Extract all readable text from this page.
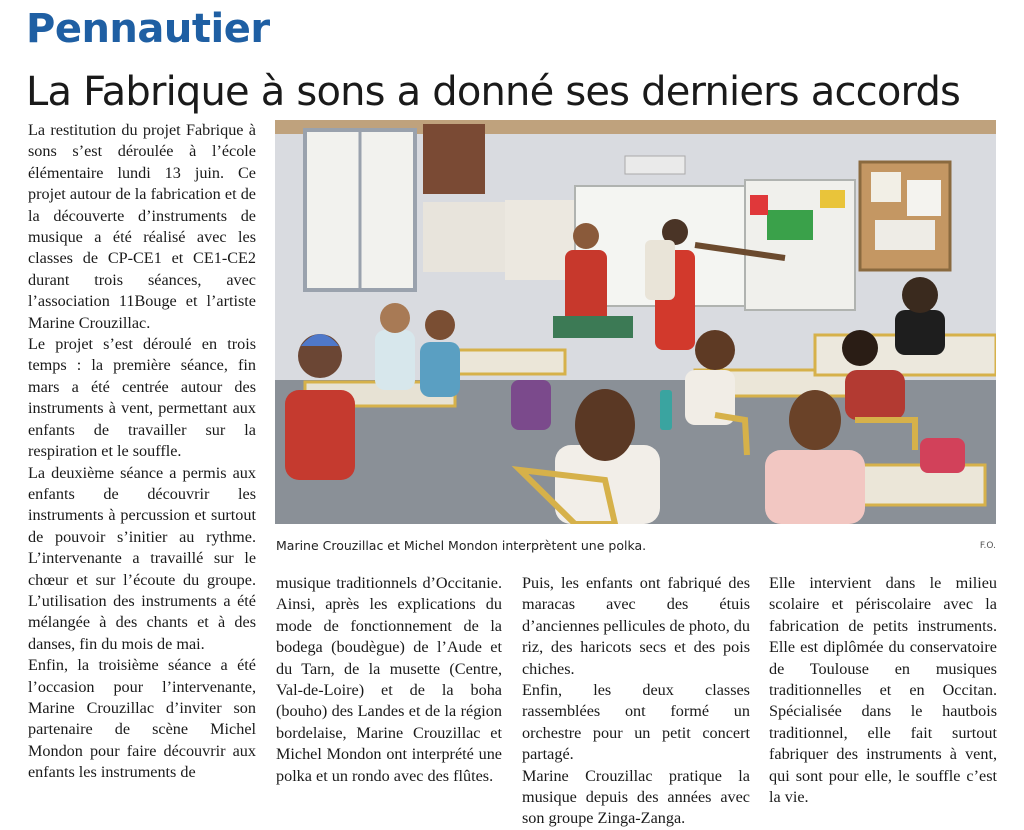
Pennautier
La Fabrique à sons a donné ses derniers accords

La restitution du projet Fabrique à sons s’est déroulée à l’école élémentaire lundi 13 juin. Ce projet autour de la fabrication et de la découverte d’instruments de musique a été réalisé avec les classes de CP-CE1 et CE1-CE2 durant trois séances, avec l’association 11Bouge et l’artiste Marine Crouzillac.

Le projet s’est déroulé en trois temps : la première séance, fin mars a été centrée autour des instruments à vent, permettant aux enfants de travailler sur la respiration et le souffle.

La deuxième séance a permis aux enfants de découvrir les instruments à percussion et surtout de pouvoir s’initier au rythme. L’intervenante a travaillé sur le chœur et sur l’écoute du groupe. L’utilisation des instruments a été mélangée à des chants et à des danses, fin du mois de mai.

Enfin, la troisième séance a été l’occasion pour l’intervenante, Marine Crouzillac d’inviter son partenaire de scène Michel Mondon pour faire découvrir aux enfants les instruments de

Marine Crouzillac et Michel Mondon interprètent une polka.	F.O.

musique traditionnels d’Occitanie. Ainsi, après les explications du mode de fonctionnement de la bodega (boudègue) de l’Aude et du Tarn, de la musette (Centre, Val-de-Loire) et de la boha (bouho) des Landes et de la région bordelaise, Marine Crouzillac et Michel Mondon ont interprété une polka et un rondo avec des flûtes.

Puis, les enfants ont fabriqué des maracas avec des étuis d’anciennes pellicules de photo, du riz, des haricots secs et des pois chiches.

Enfin, les deux classes rassemblées ont formé un orchestre pour un petit concert partagé.

Marine Crouzillac pratique la musique depuis des années avec son groupe Zinga-Zanga.

Elle intervient dans le milieu scolaire et périscolaire avec la fabrication de petits instruments. Elle est diplômée du conservatoire de Toulouse en musiques traditionnelles et en Occitan. Spécialisée dans le hautbois traditionnel, elle fait surtout fabriquer des instruments à vent, qui sont pour elle, le souffle c’est la vie.
